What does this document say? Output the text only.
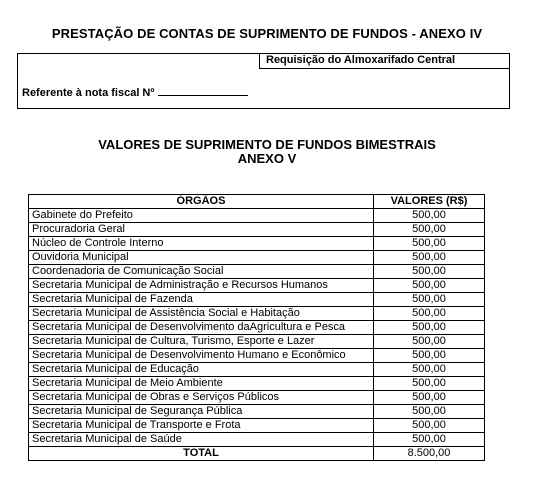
PRESTAÇÃO DE CONTAS DE SUPRIMENTO DE FUNDOS - ANEXO IV
Requisição do Almoxarifado Central
Referente à nota fiscal Nº
VALORES DE SUPRIMENTO DE FUNDOS BIMESTRAIS
ANEXO V
ÓRGÃOS	VALORES (R$)
Gabinete do Prefeito	500,00
Procuradoria Geral	500,00
Núcleo de Controle Interno	500,00
Ouvidoria Municipal	500,00
Coordenadoria de Comunicação Social	500,00
Secretaria Municipal de Administração e Recursos Humanos	500,00
Secretaria Municipal de Fazenda	500,00
Secretaria Municipal de Assistência Social e Habitação	500,00
Secretaria Municipal de Desenvolvimento daAgricultura e Pesca	500,00
Secretaria Municipal de Cultura, Turismo, Esporte e Lazer	500,00
Secretaria Municipal de Desenvolvimento Humano e Econômico	500,00
Secretaria Municipal de Educação	500,00
Secretaria Municipal de Meio Ambiente	500,00
Secretaria Municipal de Obras e Serviços Públicos	500,00
Secretaria Municipal de Segurança Pública	500,00
Secretaria Municipal de Transporte e Frota	500,00
Secretaria Municipal de Saúde	500,00
TOTAL	8.500,00
